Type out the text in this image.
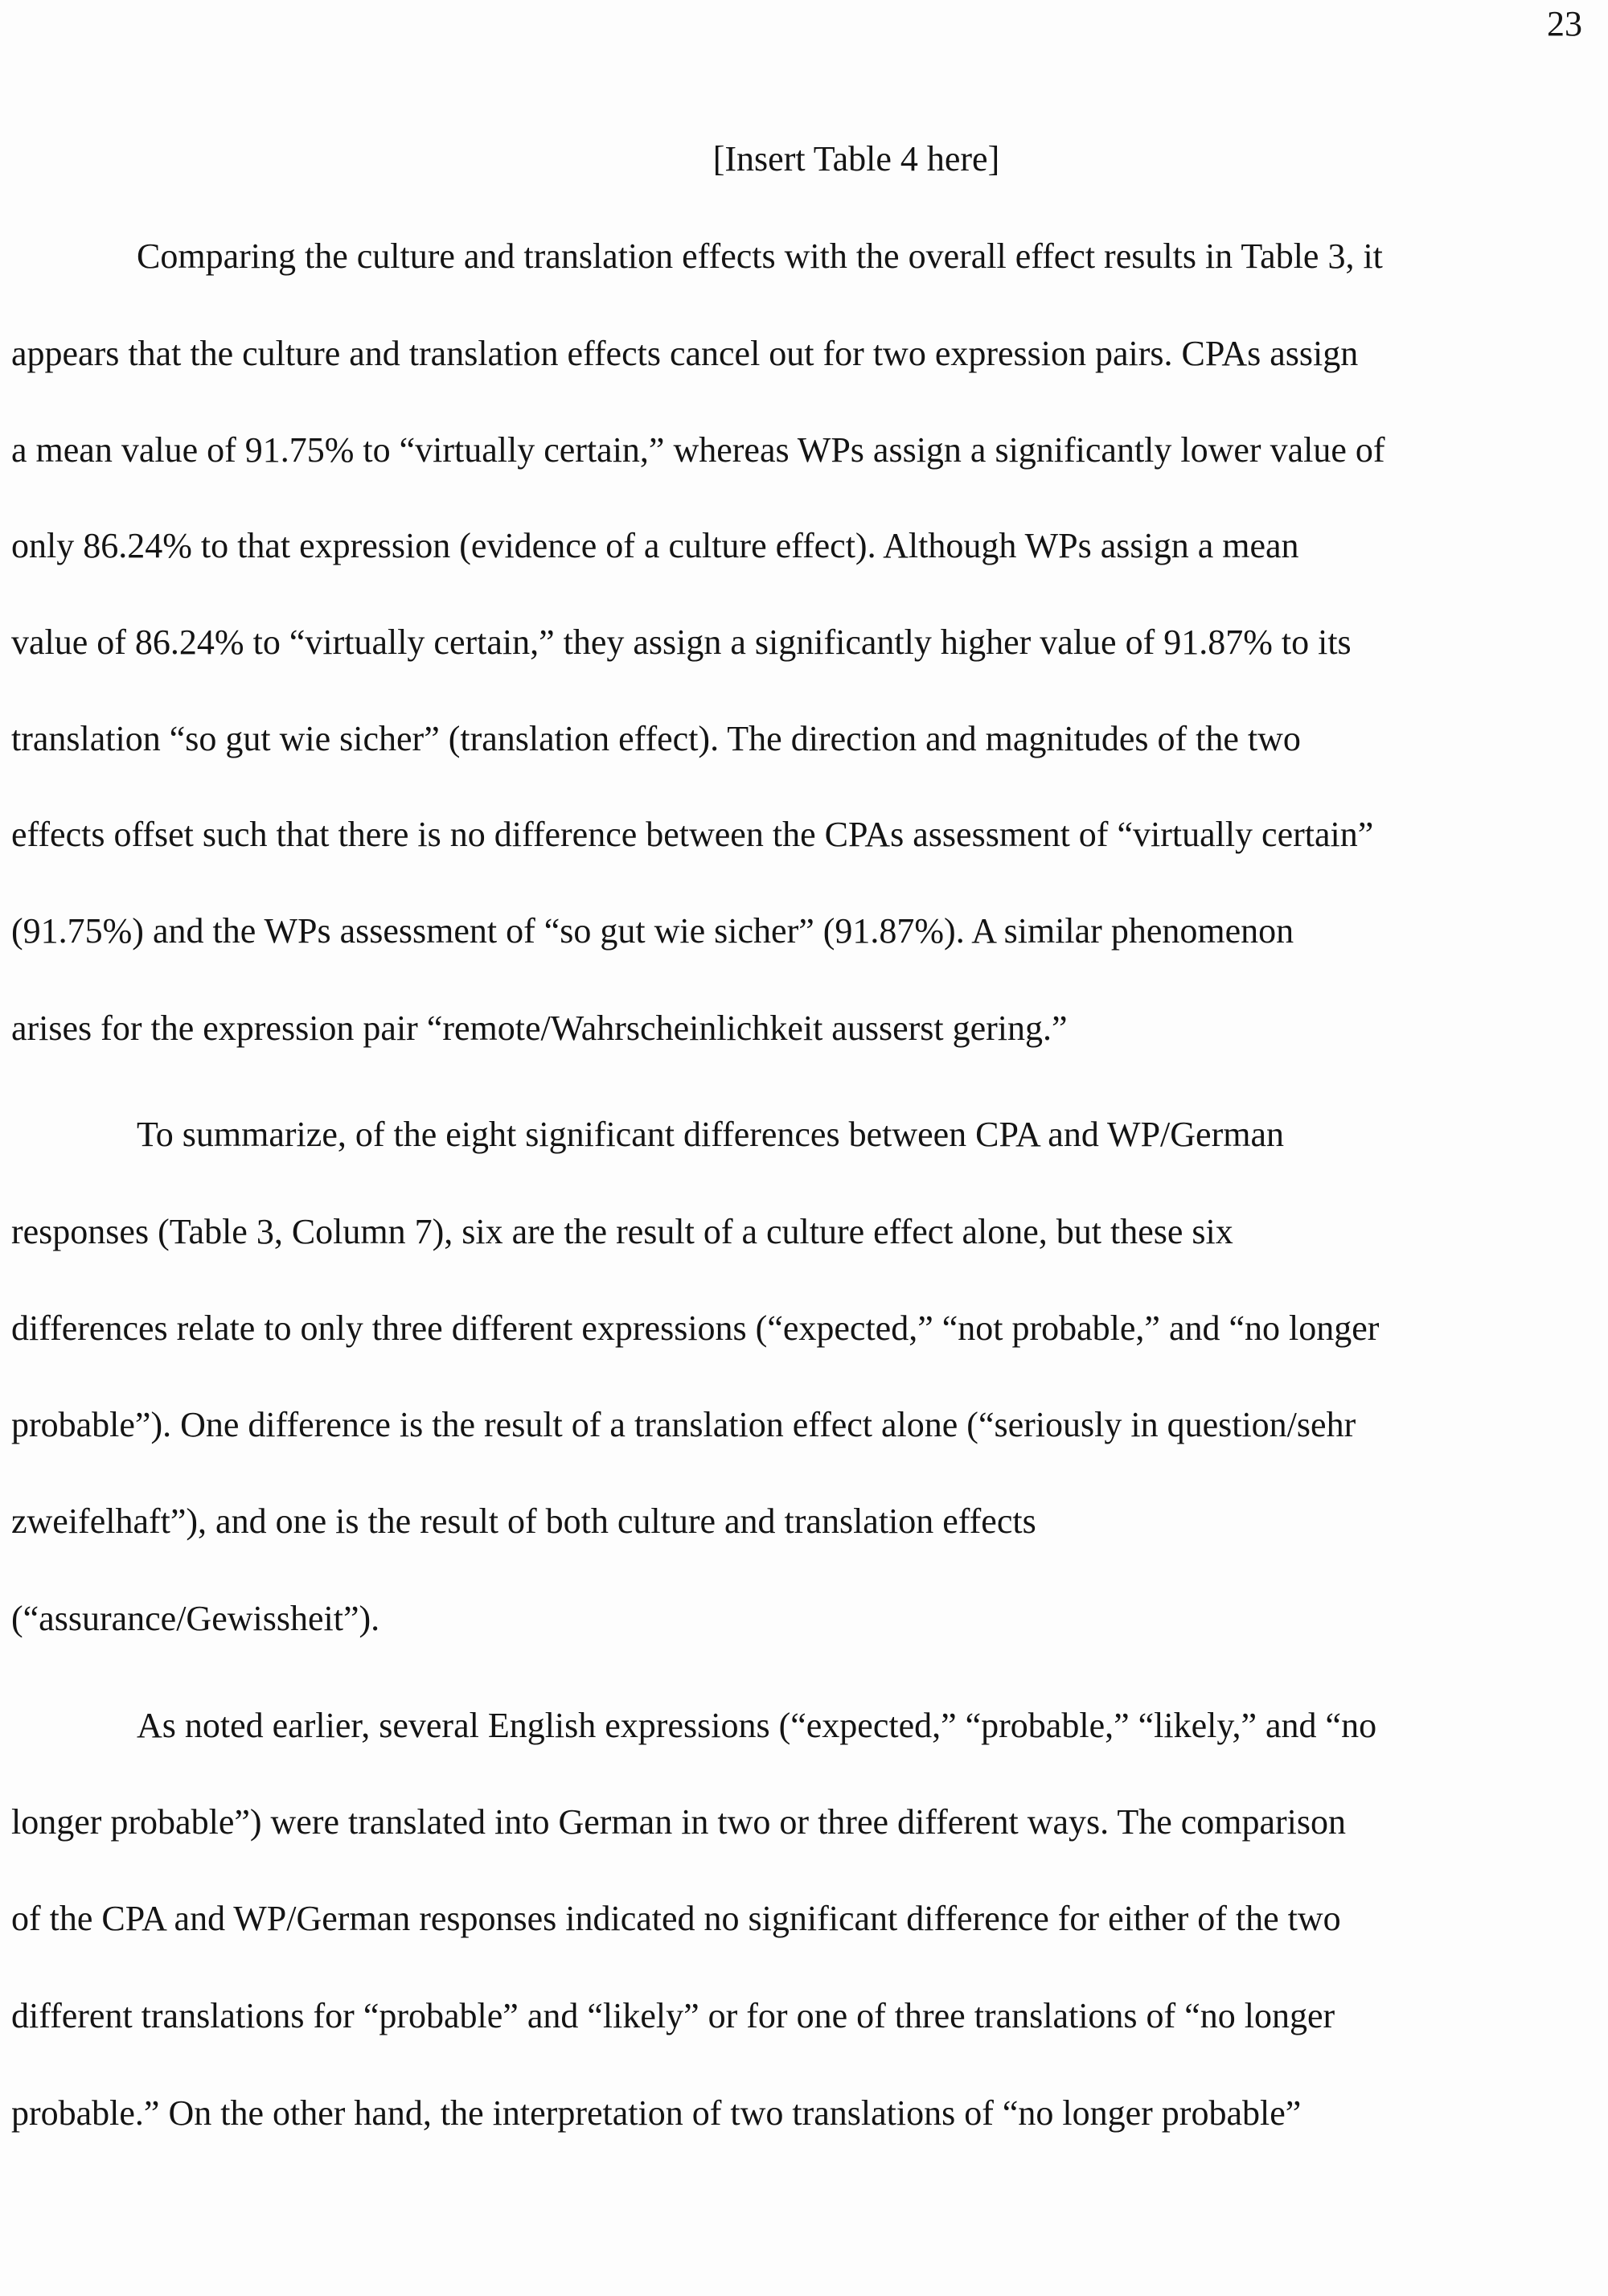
23
[Insert Table 4 here]
Comparing the culture and translation effects with the overall effect results in Table 3, it
appears that the culture and translation effects cancel out for two expression pairs. CPAs assign
a mean value of 91.75% to “virtually certain,” whereas WPs assign a significantly lower value of
only 86.24% to that expression (evidence of a culture effect). Although WPs assign a mean
value of 86.24% to “virtually certain,” they assign a significantly higher value of 91.87% to its
translation “so gut wie sicher” (translation effect). The direction and magnitudes of the two
effects offset such that there is no difference between the CPAs assessment of “virtually certain”
(91.75%) and the WPs assessment of “so gut wie sicher” (91.87%). A similar phenomenon
arises for the expression pair “remote/Wahrscheinlichkeit ausserst gering.”
To summarize, of the eight significant differences between CPA and WP/German
responses (Table 3, Column 7), six are the result of a culture effect alone, but these six
differences relate to only three different expressions (“expected,” “not probable,” and “no longer
probable”). One difference is the result of a translation effect alone (“seriously in question/sehr
zweifelhaft”), and one is the result of both culture and translation effects
(“assurance/Gewissheit”).
As noted earlier, several English expressions (“expected,” “probable,” “likely,” and “no
longer probable”) were translated into German in two or three different ways. The comparison
of the CPA and WP/German responses indicated no significant difference for either of the two
different translations for “probable” and “likely” or for one of three translations of “no longer
probable.” On the other hand, the interpretation of two translations of “no longer probable”
